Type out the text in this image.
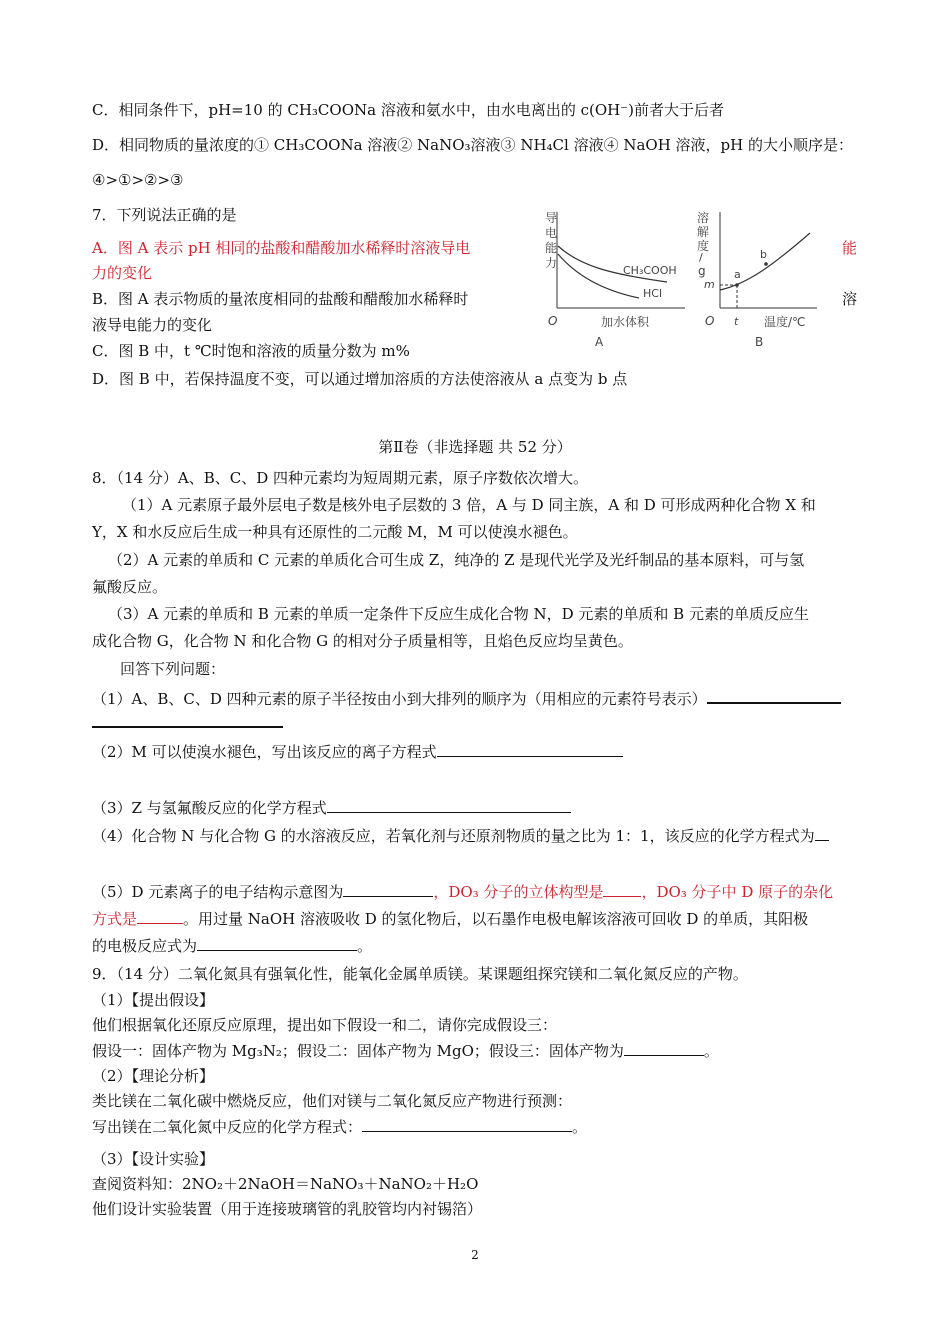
C．相同条件下，pH=10 的 CH₃COONa 溶液和氨水中，由水电离出的 c(OH⁻)前者大于后者
D．相同物质的量浓度的① CH₃COONa 溶液② NaNO₃溶液③ NH₄Cl 溶液④ NaOH 溶液，pH 的大小顺序是：
④>①>②>③
7．下列说法正确的是
A．图 A 表示 pH 相同的盐酸和醋酸加水稀释时溶液导电	能
力的变化
B．图 A 表示物质的量浓度相同的盐酸和醋酸加水稀释时	溶
液导电能力的变化
C．图 B 中，t ℃时饱和溶液的质量分数为 m%
D．图 B 中，若保持温度不变，可以通过增加溶质的方法使溶液从 a 点变为 b 点
导
电
能
力
CH₃COOH
HCl
O	加水体积
A
溶
解
度
/
g	a
b
m
t
O	温度/℃
B
第Ⅱ卷（非选择题 共 52 分）
8．（14 分）A、B、C、D 四种元素均为短周期元素，原子序数依次增大。
（1）A 元素原子最外层电子数是核外电子层数的 3 倍，A 与 D 同主族，A 和 D 可形成两种化合物 X 和
Y，X 和水反应后生成一种具有还原性的二元酸 M，M 可以使溴水褪色。
（2）A 元素的单质和 C 元素的单质化合可生成 Z，纯净的 Z 是现代光学及光纤制品的基本原料，可与氢
氟酸反应。
（3）A 元素的单质和 B 元素的单质一定条件下反应生成化合物 N，D 元素的单质和 B 元素的单质反应生
成化合物 G，化合物 N 和化合物 G 的相对分子质量相等，且焰色反应均呈黄色。
回答下列问题：
（1）A、B、C、D 四种元素的原子半径按由小到大排列的顺序为（用相应的元素符号表示）
（2）M 可以使溴水褪色，写出该反应的离子方程式
（3）Z 与氢氟酸反应的化学方程式
（4）化合物 N 与化合物 G 的水溶液反应，若氧化剂与还原剂物质的量之比为 1：1，该反应的化学方程式为
（5）D 元素离子的电子结构示意图为	，DO₃ 分子的立体构型是	，DO₃ 分子中 D 原子的杂化
方式是	。用过量 NaOH 溶液吸收 D 的氢化物后，以石墨作电极电解该溶液可回收 D 的单质，其阳极
的电极反应式为	。
9．（14 分）二氧化氮具有强氧化性，能氧化金属单质镁。某课题组探究镁和二氧化氮反应的产物。
（1）【提出假设】
他们根据氧化还原反应原理，提出如下假设一和二，请你完成假设三：
假设一：固体产物为 Mg₃N₂；假设二：固体产物为 MgO；假设三：固体产物为	。
（2）【理论分析】
类比镁在二氧化碳中燃烧反应，他们对镁与二氧化氮反应产物进行预测：
写出镁在二氧化氮中反应的化学方程式：	。
（3）【设计实验】
查阅资料知：2NO₂＋2NaOH＝NaNO₃＋NaNO₂＋H₂O
他们设计实验装置（用于连接玻璃管的乳胶管均内衬锡箔）
2
